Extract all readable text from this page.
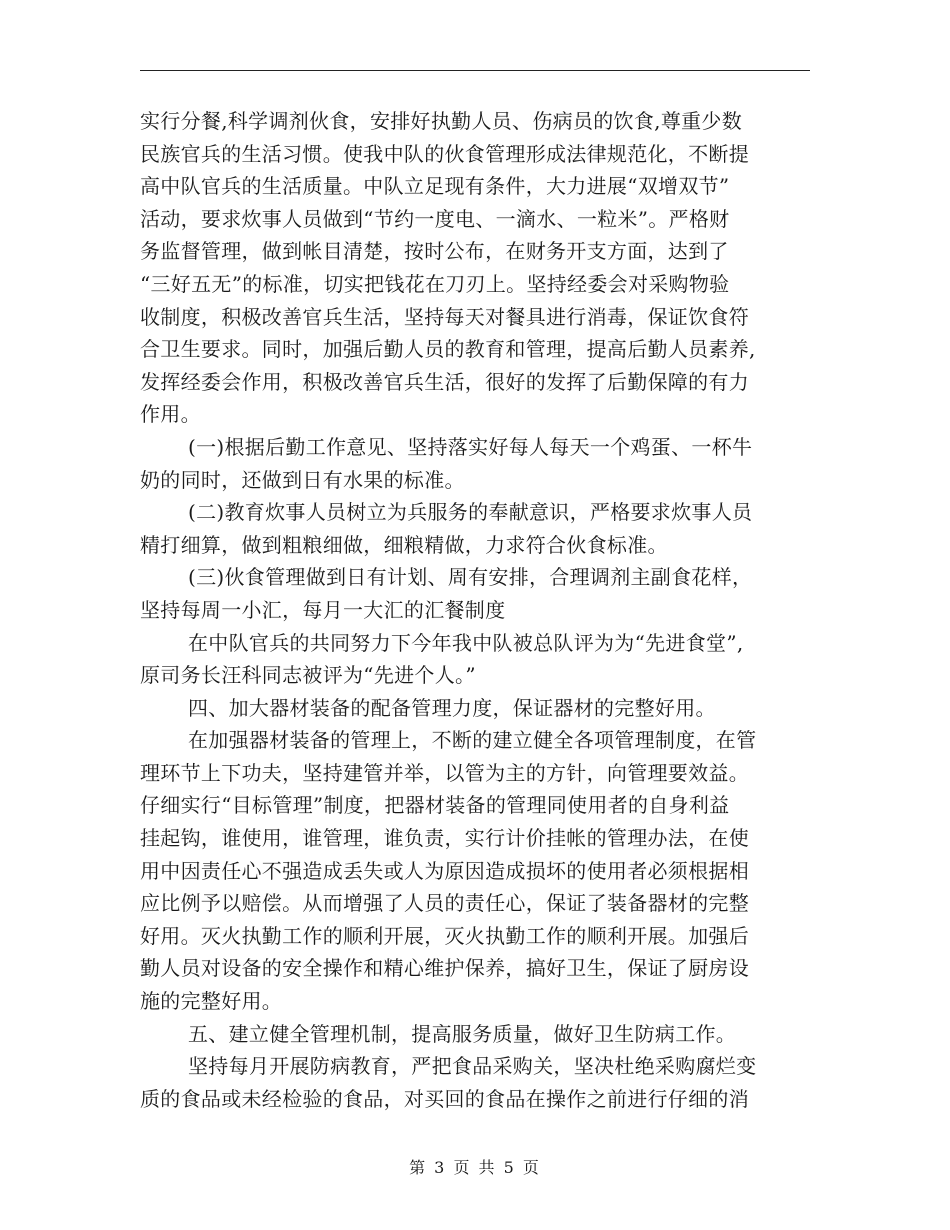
实行分餐,科学调剂伙食，安排好执勤人员、伤病员的饮食,尊重少数
民族官兵的生活习惯。使我中队的伙食管理形成法律规范化，不断提
高中队官兵的生活质量。中队立足现有条件，大力进展“双增双节”
活动，要求炊事人员做到“节约一度电、一滴水、一粒米”。严格财
务监督管理，做到帐目清楚，按时公布，在财务开支方面，达到了
“三好五无”的标准，切实把钱花在刀刃上。坚持经委会对采购物验
收制度，积极改善官兵生活，坚持每天对餐具进行消毒，保证饮食符
合卫生要求。同时，加强后勤人员的教育和管理，提高后勤人员素养,
发挥经委会作用，积极改善官兵生活，很好的发挥了后勤保障的有力
作用。
(一)根据后勤工作意见、坚持落实好每人每天一个鸡蛋、一杯牛
奶的同时，还做到日有水果的标准。
(二)教育炊事人员树立为兵服务的奉献意识，严格要求炊事人员
精打细算，做到粗粮细做，细粮精做，力求符合伙食标准。
(三)伙食管理做到日有计划、周有安排，合理调剂主副食花样，
坚持每周一小汇，每月一大汇的汇餐制度
在中队官兵的共同努力下今年我中队被总队评为为“先进食堂”,
原司务长汪科同志被评为“先进个人。”
四、加大器材装备的配备管理力度，保证器材的完整好用。
在加强器材装备的管理上，不断的建立健全各项管理制度，在管
理环节上下功夫，坚持建管并举，以管为主的方针，向管理要效益。
仔细实行“目标管理”制度，把器材装备的管理同使用者的自身利益
挂起钩，谁使用，谁管理，谁负责，实行计价挂帐的管理办法，在使
用中因责任心不强造成丢失或人为原因造成损坏的使用者必须根据相
应比例予以赔偿。从而增强了人员的责任心，保证了装备器材的完整
好用。灭火执勤工作的顺利开展，灭火执勤工作的顺利开展。加强后
勤人员对设备的安全操作和精心维护保养，搞好卫生，保证了厨房设
施的完整好用。
五、建立健全管理机制，提高服务质量，做好卫生防病工作。
坚持每月开展防病教育，严把食品采购关，坚决杜绝采购腐烂变
质的食品或未经检验的食品，对买回的食品在操作之前进行仔细的消
第 3 页 共 5 页
